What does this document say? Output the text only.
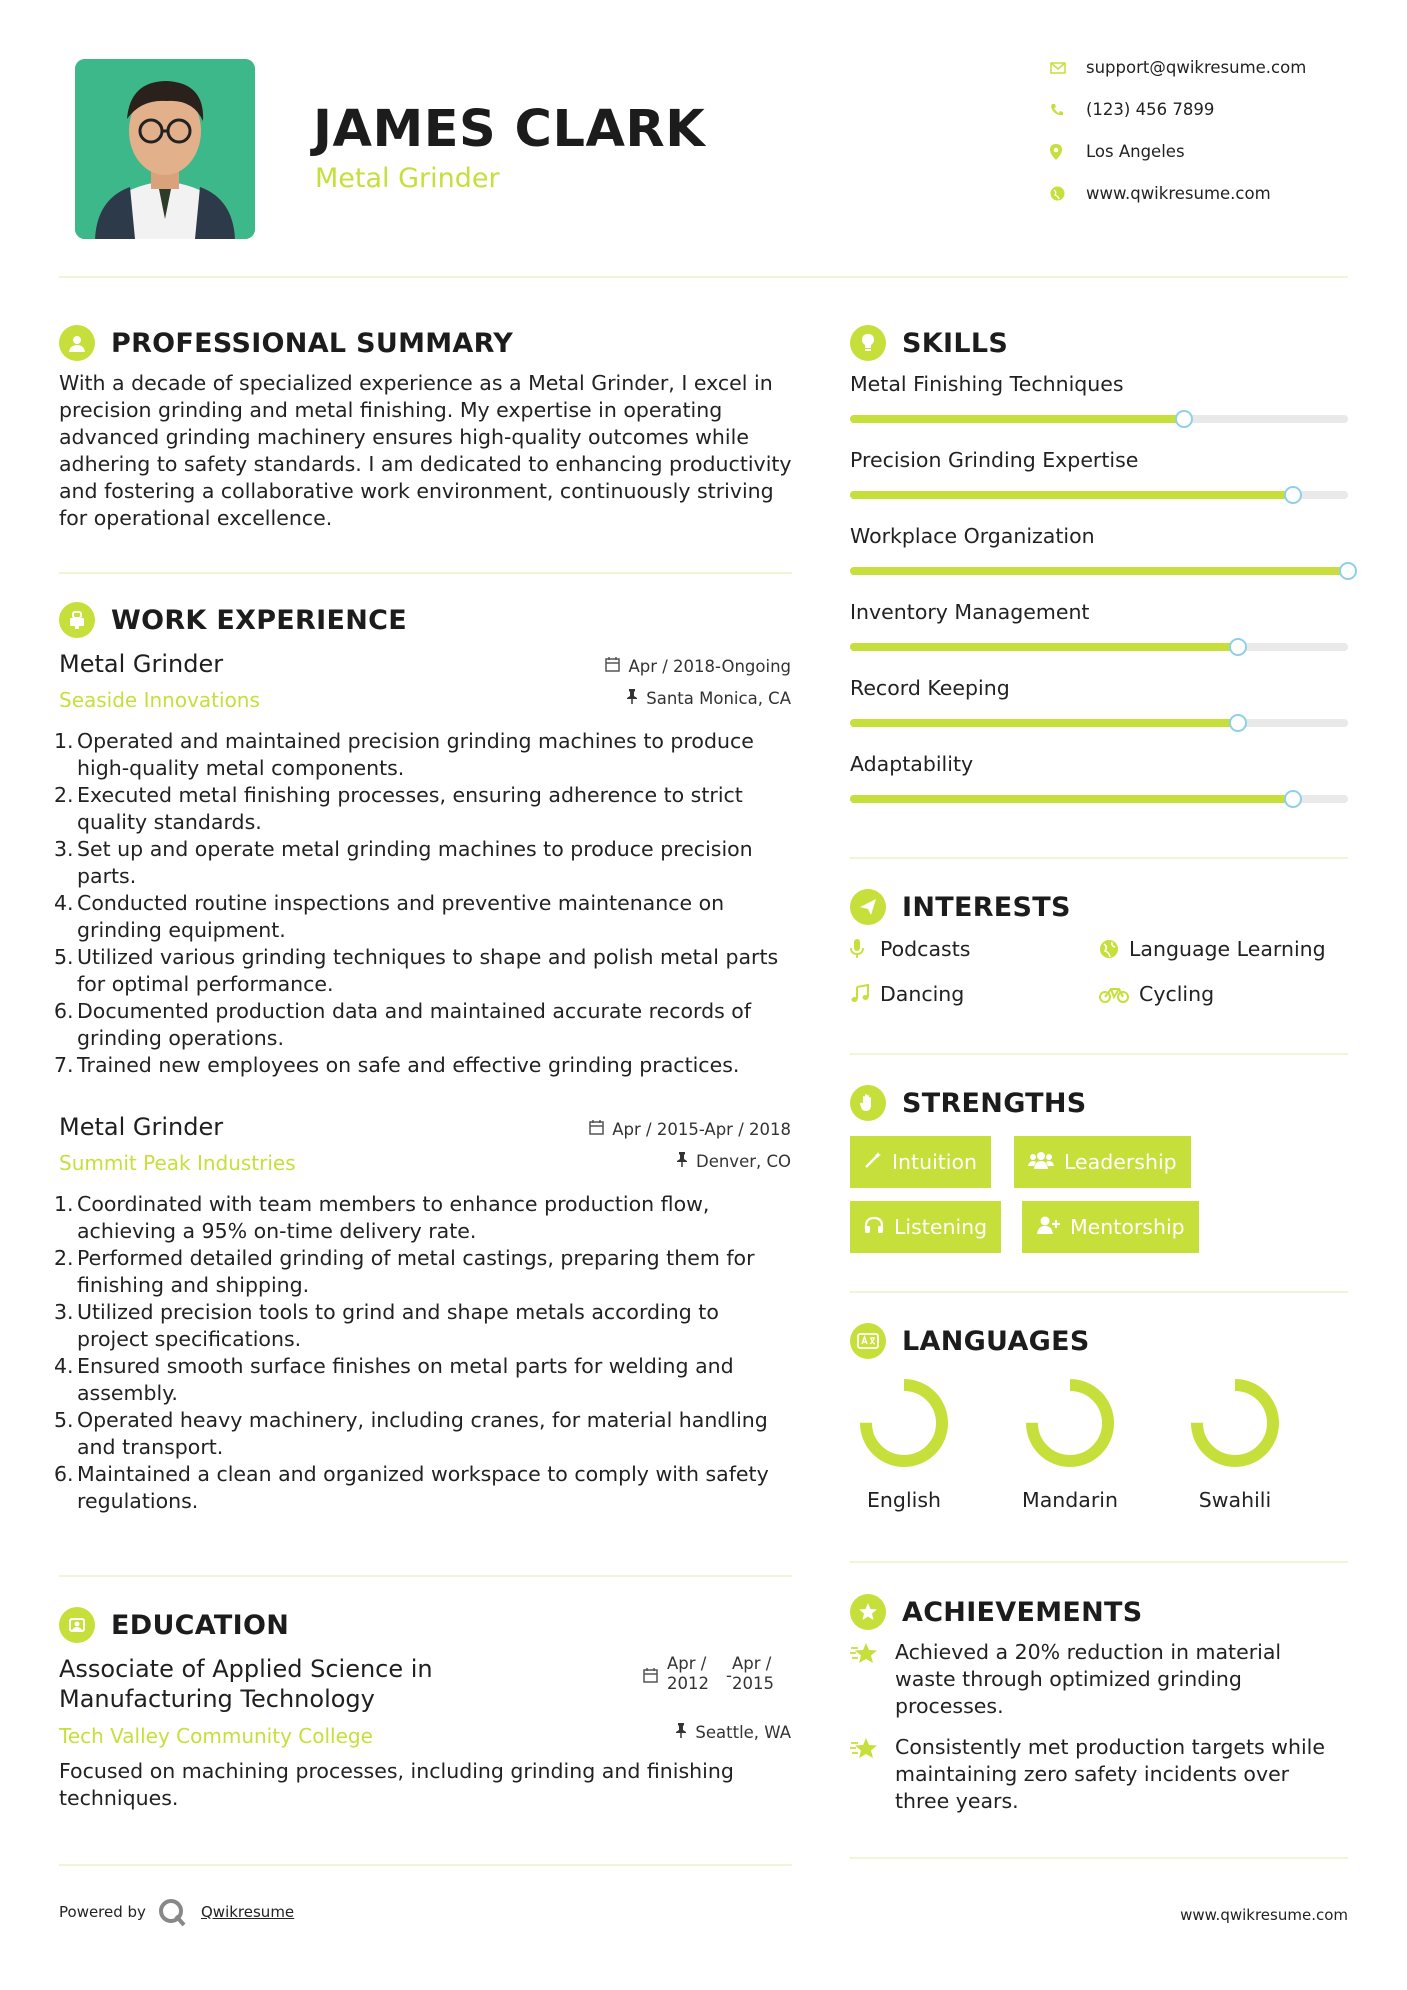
JAMES CLARK
Metal Grinder
support@qwikresume.com
(123) 456 7899
Los Angeles
www.qwikresume.com
PROFESSIONAL SUMMARY
With a decade of specialized experience as a Metal Grinder, I excel in precision grinding and metal finishing. My expertise in operating advanced grinding machinery ensures high-quality outcomes while adhering to safety standards. I am dedicated to enhancing productivity and fostering a collaborative work environment, continuously striving for operational excellence.
WORK EXPERIENCE
Metal Grinder
Seaside Innovations
Apr / 2018-Ongoing
Santa Monica, CA
Operated and maintained precision grinding machines to produce high-quality metal components.
Executed metal finishing processes, ensuring adherence to strict quality standards.
Set up and operate metal grinding machines to produce precision parts.
Conducted routine inspections and preventive maintenance on grinding equipment.
Utilized various grinding techniques to shape and polish metal parts for optimal performance.
Documented production data and maintained accurate records of grinding operations.
Trained new employees on safe and effective grinding practices.
Metal Grinder
Summit Peak Industries
Apr / 2015-Apr / 2018
Denver, CO
Coordinated with team members to enhance production flow, achieving a 95% on-time delivery rate.
Performed detailed grinding of metal castings, preparing them for finishing and shipping.
Utilized precision tools to grind and shape metals according to project specifications.
Ensured smooth surface finishes on metal parts for welding and assembly.
Operated heavy machinery, including cranes, for material handling and transport.
Maintained a clean and organized workspace to comply with safety regulations.
EDUCATION
Associate of Applied Science in
Manufacturing Technology
Tech Valley Community College
Apr /
2012 -
Apr /
2015
Seattle, WA
Focused on machining processes, including grinding and finishing techniques.
SKILLS
Metal Finishing Techniques
Precision Grinding Expertise
Workplace Organization
Inventory Management
Record Keeping
Adaptability
INTERESTS
Podcasts	Language Learning
Dancing	Cycling
STRENGTHS
Intuition	Leadership
Listening	Mentorship
LANGUAGES
English	Mandarin	Swahili
ACHIEVEMENTS
Achieved a 20% reduction in material waste through optimized grinding processes.
Consistently met production targets while maintaining zero safety incidents over three years.
Powered by	Qwikresume	www.qwikresume.com
